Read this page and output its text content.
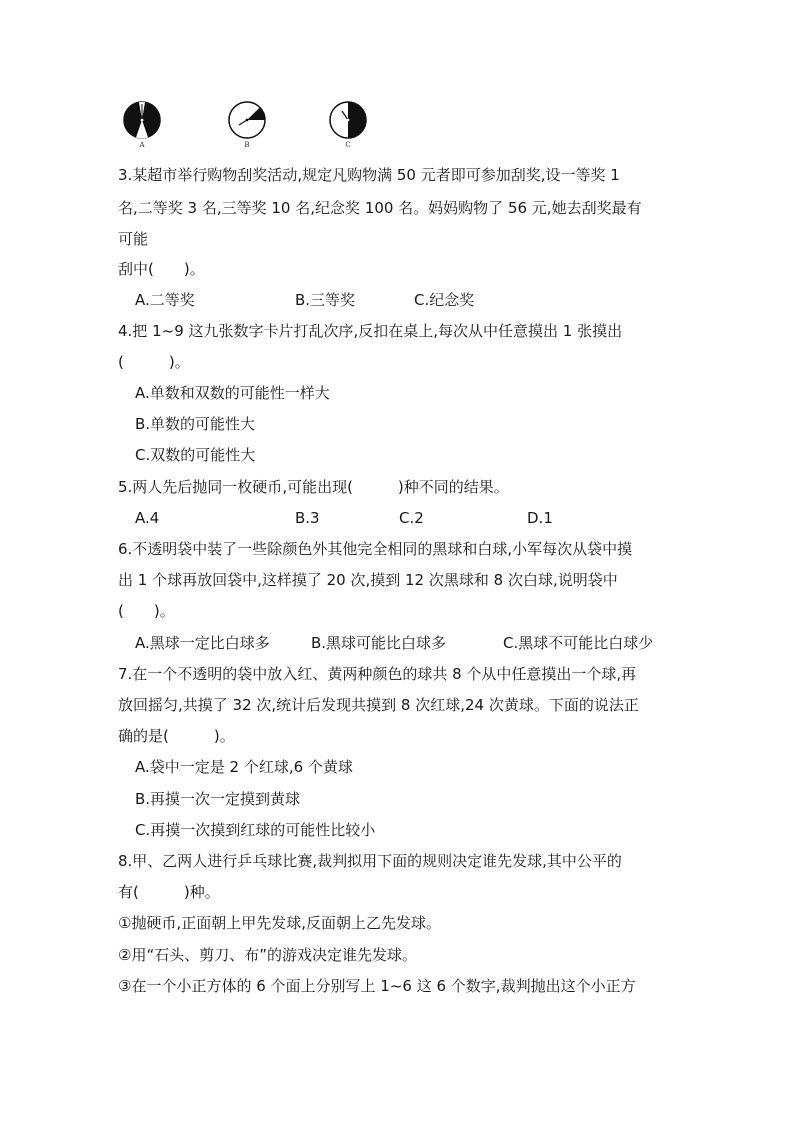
A	B	C
3.某超市举行购物刮奖活动,规定凡购物满 50 元者即可参加刮奖,设一等奖 1
名,二等奖 3 名,三等奖 10 名,纪念奖 100 名。妈妈购物了 56 元,她去刮奖最有
可能
刮中(　　)。
A.二等奖	B.三等奖	C.纪念奖
4.把 1~9 这九张数字卡片打乱次序,反扣在桌上,每次从中任意摸出 1 张摸出
(　　　)。
A.单数和双数的可能性一样大
B.单数的可能性大
C.双数的可能性大
5.两人先后抛同一枚硬币,可能出现(　　　)种不同的结果。
A.4	B.3	C.2	D.1
6.不透明袋中装了一些除颜色外其他完全相同的黑球和白球,小军每次从袋中摸
出 1 个球再放回袋中,这样摸了 20 次,摸到 12 次黑球和 8 次白球,说明袋中
(　　)。
A.黑球一定比白球多	B.黑球可能比白球多	C.黑球不可能比白球少
7.在一个不透明的袋中放入红、黄两种颜色的球共 8 个从中任意摸出一个球,再
放回摇匀,共摸了 32 次,统计后发现共摸到 8 次红球,24 次黄球。下面的说法正
确的是(　　　)。
A.袋中一定是 2 个红球,6 个黄球
B.再摸一次一定摸到黄球
C.再摸一次摸到红球的可能性比较小
8.甲、乙两人进行乒乓球比赛,裁判拟用下面的规则决定谁先发球,其中公平的
有(　　　)种。
①抛硬币,正面朝上甲先发球,反面朝上乙先发球。
②用“石头、剪刀、布”的游戏决定谁先发球。
③在一个小正方体的 6 个面上分别写上 1~6 这 6 个数字,裁判抛出这个小正方
